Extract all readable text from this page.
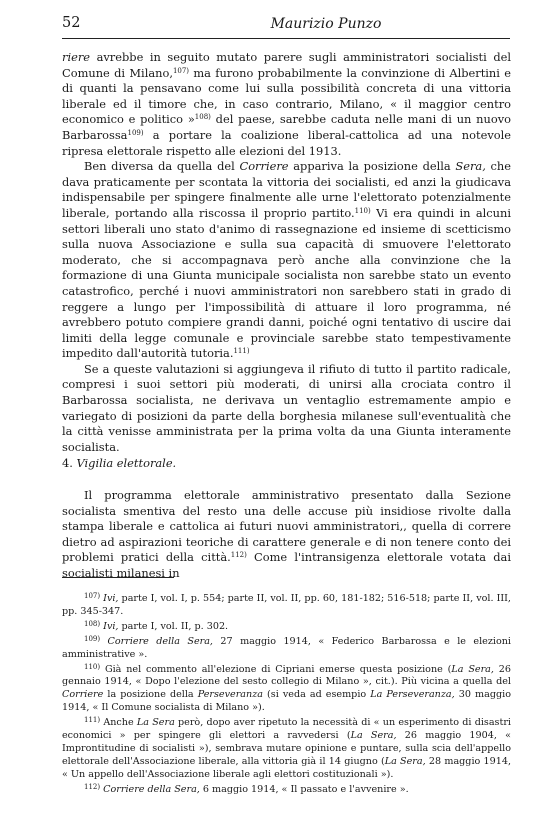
52	Maurizio Punzo

riere avrebbe in seguito mutato parere sugli amministratori socialisti del Comune di Milano,$^{107)}$ ma furono probabilmente la convinzione di Albertini e di quanti la pensavano come lui sulla possibilità concreta di una vittoria liberale ed il timore che, in caso contrario, Milano, « il maggior centro economico e politico »$^{108)}$ del paese, sarebbe caduta nelle mani di un nuovo Barbarossa$^{109)}$ a portare la coalizione liberal-cattolica ad una notevole ripresa elettorale rispetto alle elezioni del 1913.

Ben diversa da quella del Corriere appariva la posizione della Sera, che dava praticamente per scontata la vittoria dei socialisti, ed anzi la giudicava indispensabile per spingere finalmente alle urne l'elettorato potenzialmente liberale, portando alla riscossa il proprio partito.$^{110)}$ Vi era quindi in alcuni settori liberali uno stato d'animo di rassegnazione ed insieme di scetticismo sulla nuova Associazione e sulla sua capacità di smuovere l'elettorato moderato, che si accompagnava però anche alla convinzione che la formazione di una Giunta municipale socialista non sarebbe stato un evento catastrofico, perché i nuovi amministratori non sarebbero stati in grado di reggere a lungo per l'impossibilità di attuare il loro programma, né avrebbero potuto compiere grandi danni, poiché ogni tentativo di uscire dai limiti della legge comunale e provinciale sarebbe stato tempestivamente impedito dall'autorità tutoria.$^{111)}$

Se a queste valutazioni si aggiungeva il rifiuto di tutto il partito radicale, compresi i suoi settori più moderati, di unirsi alla crociata contro il Barbarossa socialista, ne derivava un ventaglio estremamente ampio e variegato di posizioni da parte della borghesia milanese sull'eventualità che la città venisse amministrata per la prima volta da una Giunta interamente socialista.

4. Vigilia elettorale.

Il programma elettorale amministrativo presentato dalla Sezione socialista smentiva del resto una delle accuse più insidiose rivolte dalla stampa liberale e cattolica ai futuri nuovi amministratori,, quella di correre dietro ad aspirazioni teoriche di carattere generale e di non tenere conto dei problemi pratici della città.$^{112)}$ Come l'intransigenza elettorale votata dai socialisti milanesi in

$^{107)}$ Ivi, parte I, vol. I, p. 554; parte II, vol. II, pp. 60, 181-182; 516-518; parte II, vol. III, pp. 345-347.

$^{108)}$ Ivi, parte I, vol. II, p. 302.

$^{109)}$ Corriere della Sera, 27 maggio 1914, « Federico Barbarossa e le elezioni amministrative ».

$^{110)}$ Già nel commento all'elezione di Cipriani emerse questa posizione (La Sera, 26 gennaio 1914, « Dopo l'elezione del sesto collegio di Milano », cit.). Più vicina a quella del Corriere la posizione della Perseveranza (si veda ad esempio La Perseveranza, 30 maggio 1914, « Il Comune socialista di Milano »).

$^{111)}$ Anche La Sera però, dopo aver ripetuto la necessità di « un esperimento di disastri economici » per spingere gli elettori a ravvedersi (La Sera, 26 maggio 1904, « Improntitudine di socialisti »), sembrava mutare opinione e puntare, sulla scia dell'appello elettorale dell'Associazione liberale, alla vittoria già il 14 giugno (La Sera, 28 maggio 1914, « Un appello dell'Associazione liberale agli elettori costituzionali »).

$^{112)}$ Corriere della Sera, 6 maggio 1914, « Il passato e l'avvenire ».
